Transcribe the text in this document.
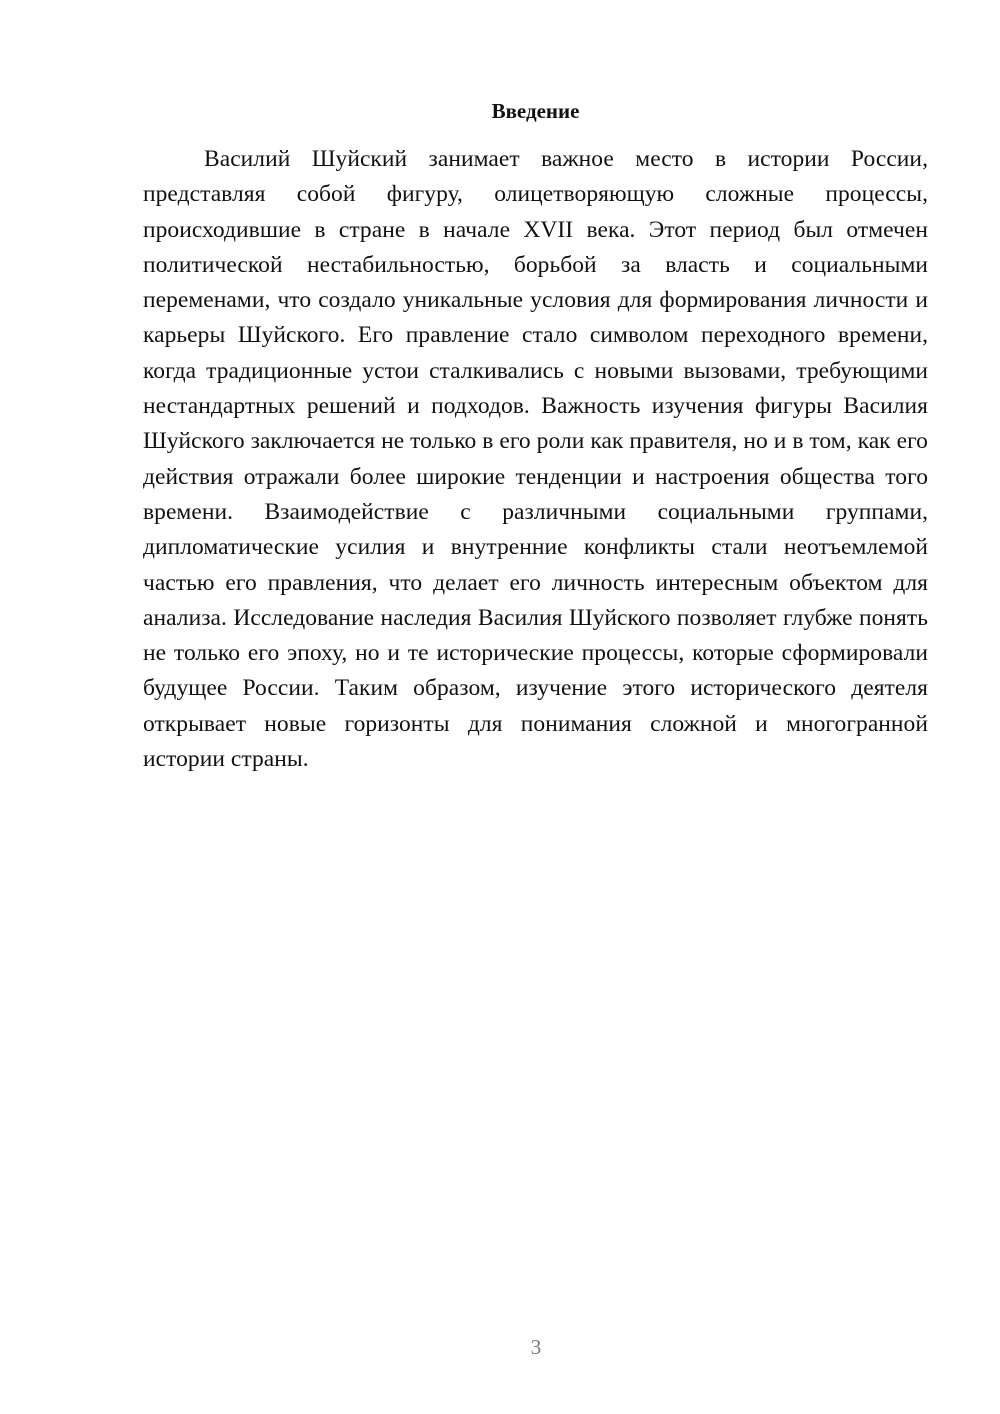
Введение

Василий Шуйский занимает важное место в истории России, представляя собой фигуру, олицетворяющую сложные процессы, происходившие в стране в начале XVII века. Этот период был отмечен политической нестабильностью, борьбой за власть и социальными переменами, что создало уникальные условия для формирования личности и карьеры Шуйского. Его правление стало символом переходного времени, когда традиционные устои сталкивались с новыми вызовами, требующими нестандартных решений и подходов. Важность изучения фигуры Василия Шуйского заключается не только в его роли как правителя, но и в том, как его действия отражали более широкие тенденции и настроения общества того времени. Взаимодействие с различными социальными группами, дипломатические усилия и внутренние конфликты стали неотъемлемой частью его правления, что делает его личность интересным объектом для анализа. Исследование наследия Василия Шуйского позволяет глубже понять не только его эпоху, но и те исторические процессы, которые сформировали будущее России. Таким образом, изучение этого исторического деятеля открывает новые горизонты для понимания сложной и многогранной истории страны.

3
